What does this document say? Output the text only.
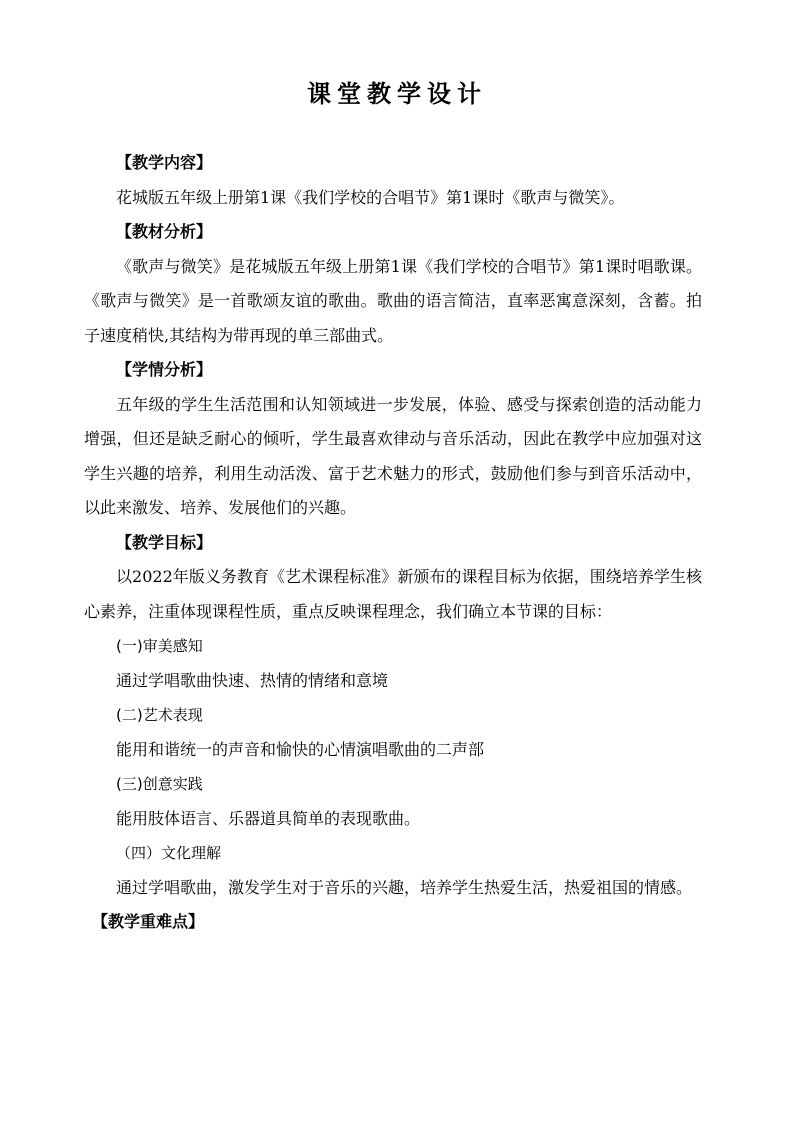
课堂教学设计

【教学内容】

花城版五年级上册第1课《我们学校的合唱节》第1课时《歌声与微笑》。

【教材分析】

《歌声与微笑》是花城版五年级上册第1课《我们学校的合唱节》第1课时唱歌课。《歌声与微笑》是一首歌颂友谊的歌曲。歌曲的语言简洁，直率恶寓意深刻，含蓄。拍子速度稍快,其结构为带再现的单三部曲式。

【学情分析】

五年级的学生生活范围和认知领域进一步发展，体验、感受与探索创造的活动能力增强，但还是缺乏耐心的倾听，学生最喜欢律动与音乐活动，因此在教学中应加强对这学生兴趣的培养，利用生动活泼、富于艺术魅力的形式，鼓励他们参与到音乐活动中，以此来激发、培养、发展他们的兴趣。

【教学目标】

以2022年版义务教育《艺术课程标准》新颁布的课程目标为依据，围绕培养学生核心素养，注重体现课程性质，重点反映课程理念，我们确立本节课的目标：

(一)审美感知

通过学唱歌曲快速、热情的情绪和意境

(二)艺术表现

能用和谐统一的声音和愉快的心情演唱歌曲的二声部

(三)创意实践

能用肢体语言、乐器道具简单的表现歌曲。

（四）文化理解

通过学唱歌曲，激发学生对于音乐的兴趣，培养学生热爱生活，热爱祖国的情感。

【教学重难点】
